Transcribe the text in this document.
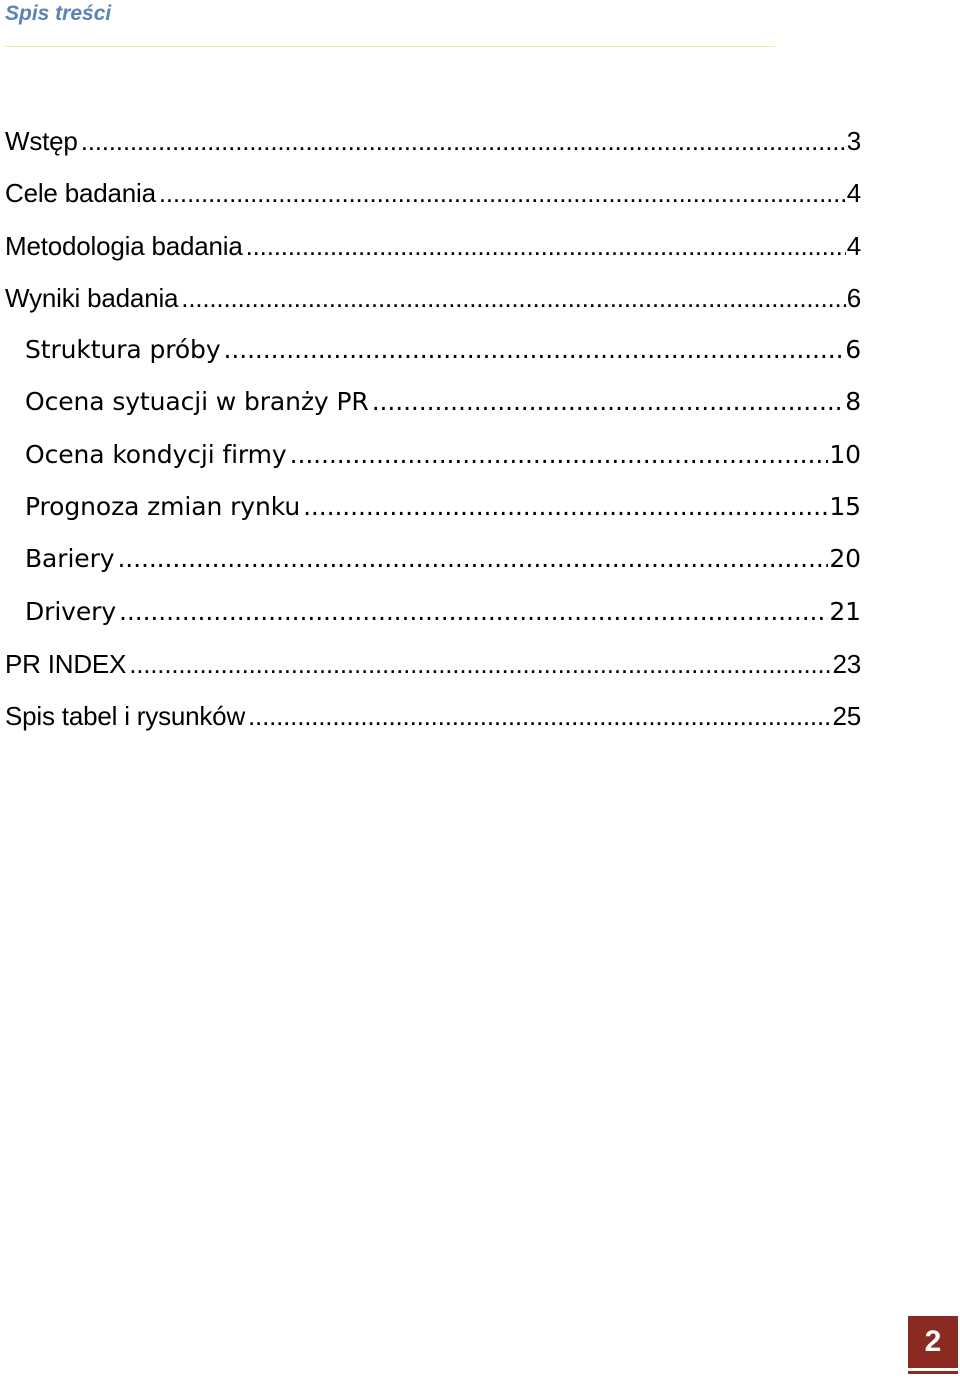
Spis treści
Wstęp .....	3
Cele badania .....	4
Metodologia badania .....	4
Wyniki badania .....	6
Struktura próby .....	6
Ocena sytuacji w branży PR .....	8
Ocena kondycji firmy .....	10
Prognoza zmian rynku .....	15
Bariery .....	20
Drivery .....	21
PR INDEX .....	23
Spis tabel i rysunków .....	25
2
